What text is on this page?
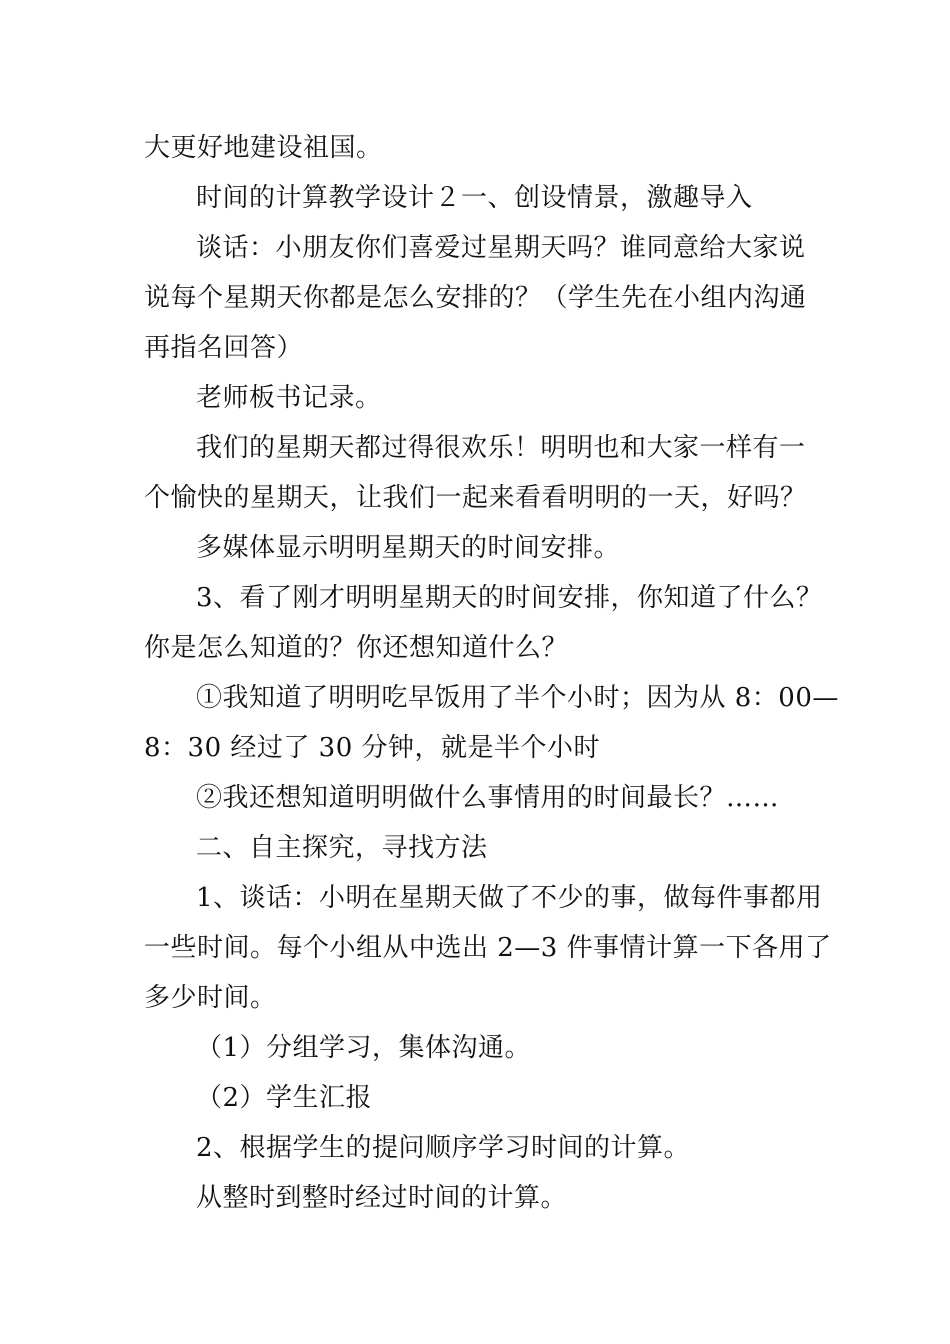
大更好地建设祖国。
时间的计算教学设计２一、创设情景，激趣导入
谈话：小朋友你们喜爱过星期天吗？谁同意给大家说
说每个星期天你都是怎么安排的？（学生先在小组内沟通
再指名回答）
老师板书记录。
我们的星期天都过得很欢乐！明明也和大家一样有一
个愉快的星期天，让我们一起来看看明明的一天，好吗？
多媒体显示明明星期天的时间安排。
3、看了刚才明明星期天的时间安排，你知道了什么？
你是怎么知道的？你还想知道什么？
①我知道了明明吃早饭用了半个小时；因为从 8：00—
8：30 经过了 30 分钟，就是半个小时
②我还想知道明明做什么事情用的时间最长？……
二、自主探究，寻找方法
1、谈话：小明在星期天做了不少的事，做每件事都用
一些时间。每个小组从中选出 2—3 件事情计算一下各用了
多少时间。
（1）分组学习，集体沟通。
（2）学生汇报
2、根据学生的提问顺序学习时间的计算。
从整时到整时经过时间的计算。
